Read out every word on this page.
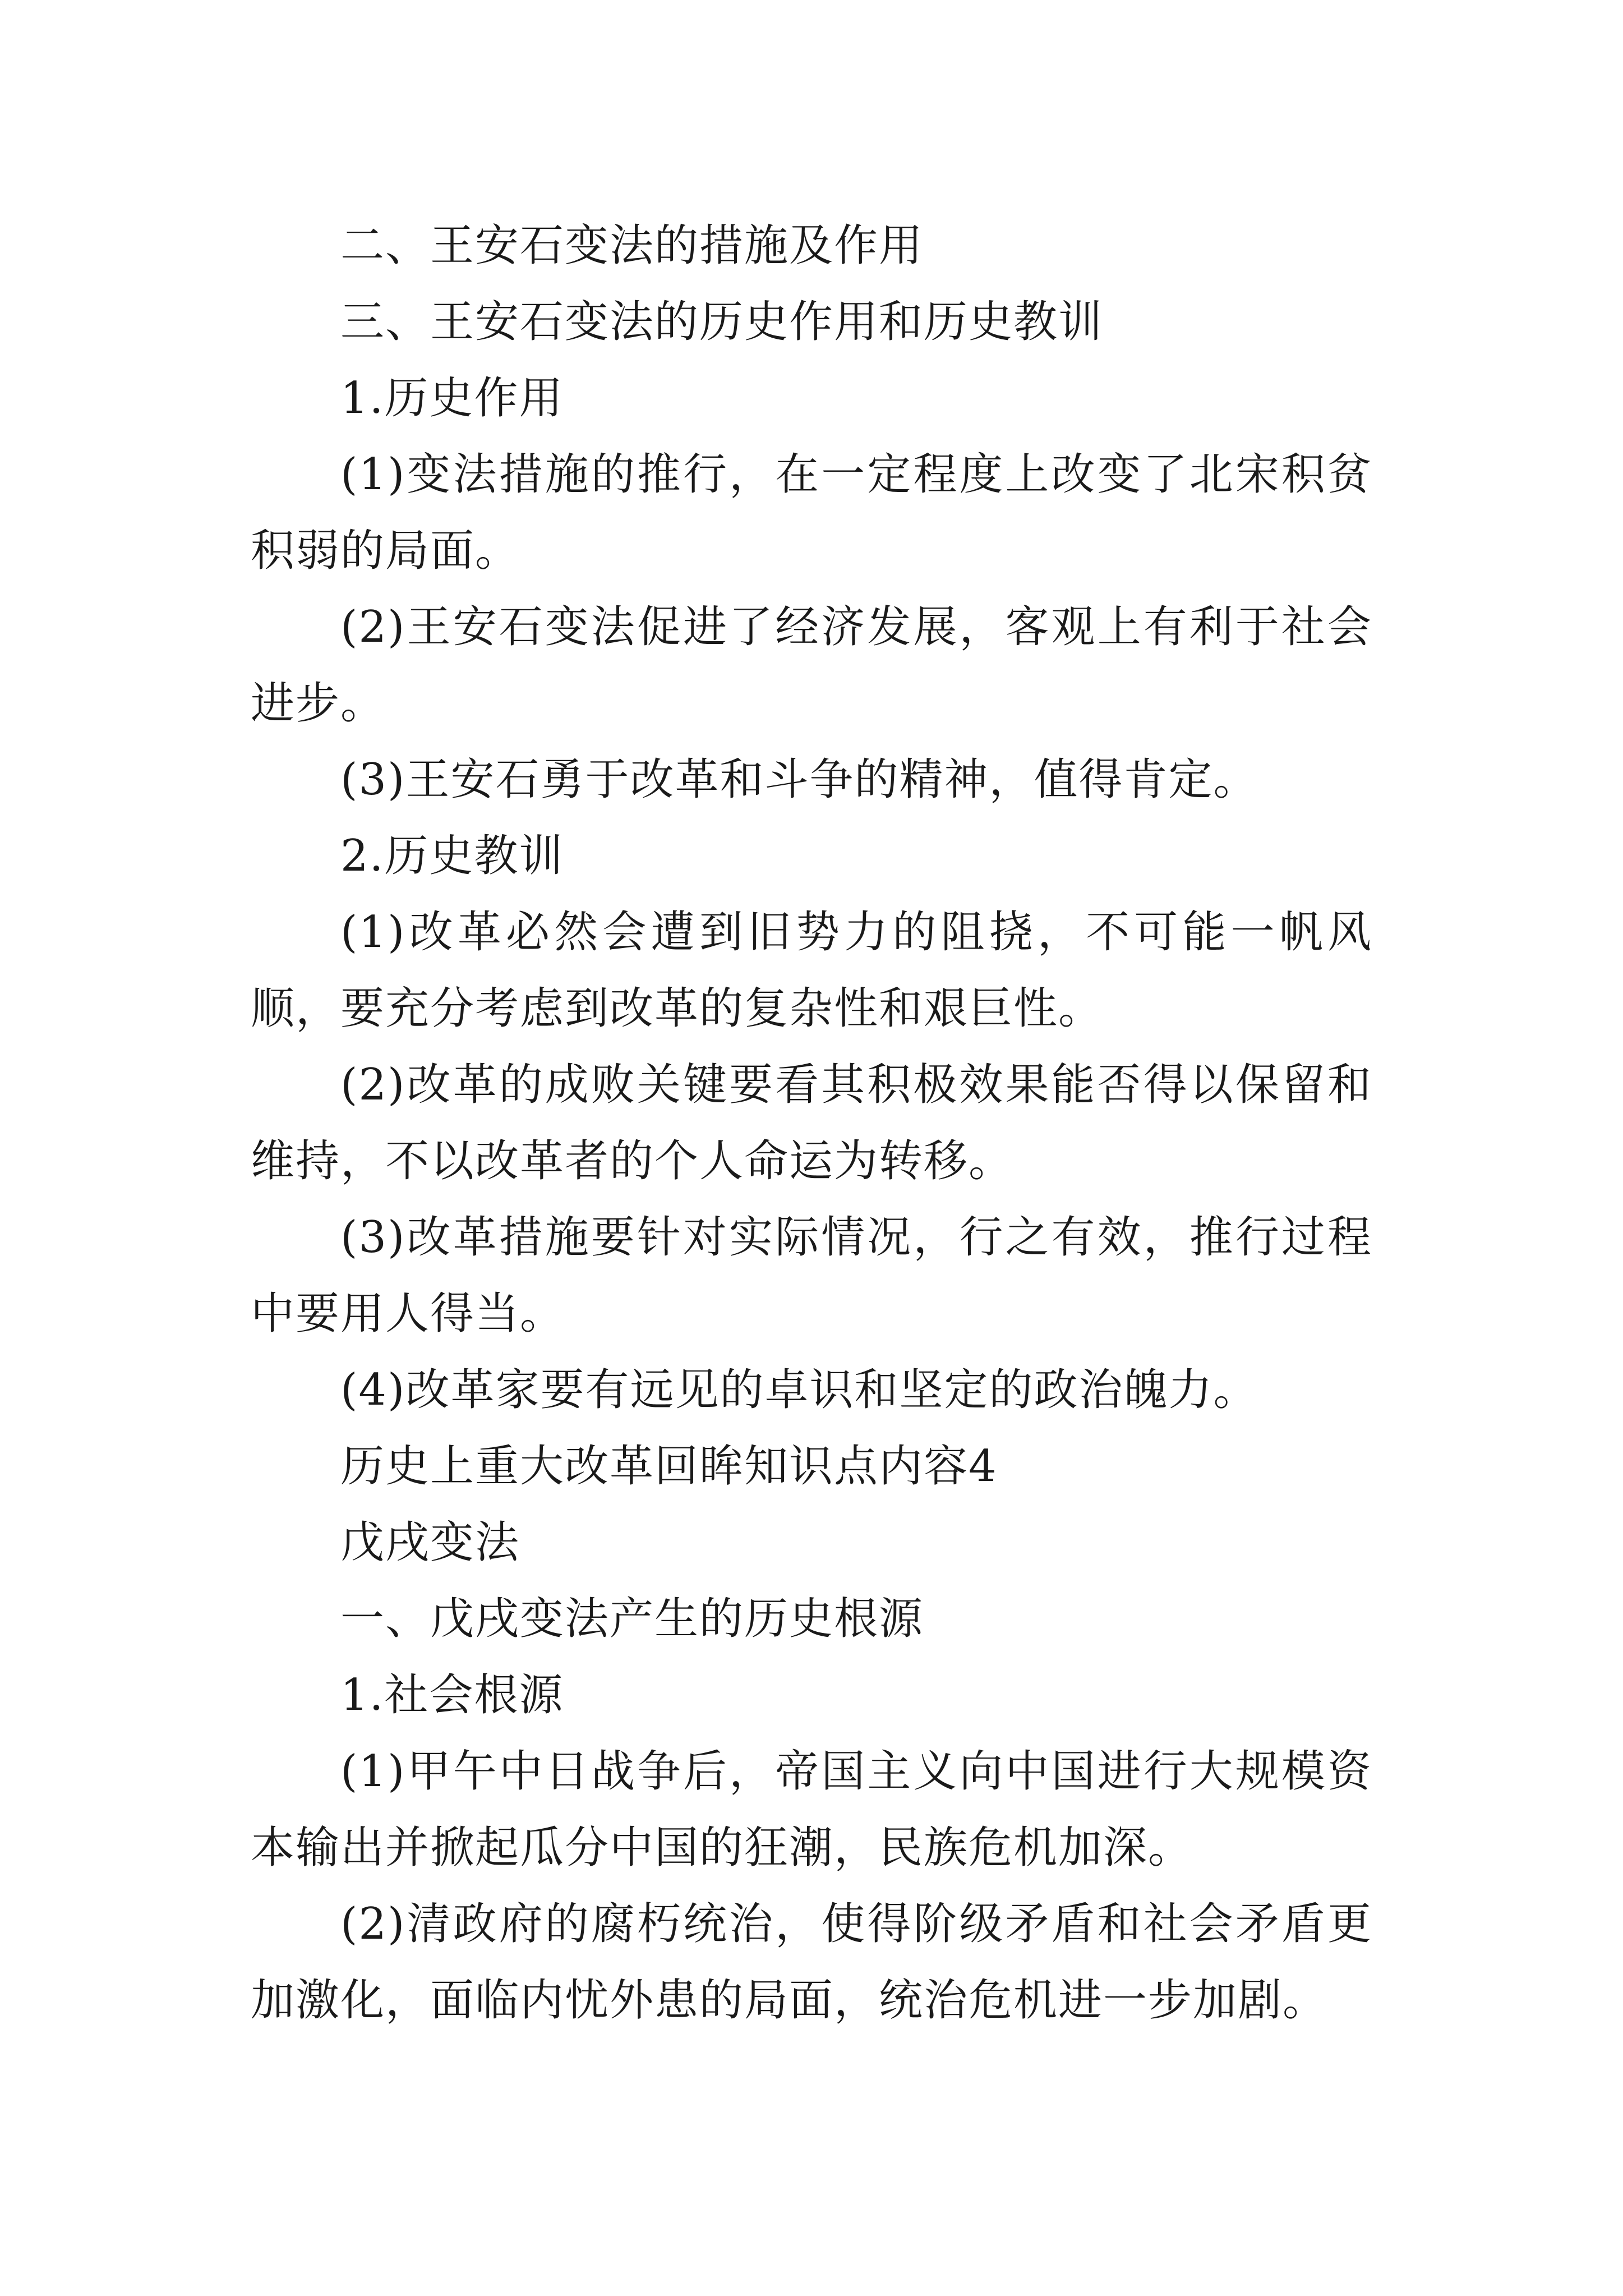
二、王安石变法的措施及作用

三、王安石变法的历史作用和历史教训

1.历史作用

(1)变法措施的推行，在一定程度上改变了北宋积贫积弱的局面。

(2)王安石变法促进了经济发展，客观上有利于社会进步。

(3)王安石勇于改革和斗争的精神，值得肯定。

2.历史教训

(1)改革必然会遭到旧势力的阻挠，不可能一帆风顺，要充分考虑到改革的复杂性和艰巨性。

(2)改革的成败关键要看其积极效果能否得以保留和维持，不以改革者的个人命运为转移。

(3)改革措施要针对实际情况，行之有效，推行过程中要用人得当。

(4)改革家要有远见的卓识和坚定的政治魄力。

历史上重大改革回眸知识点内容4

戊戌变法

一、戊戌变法产生的历史根源

1.社会根源

(1)甲午中日战争后，帝国主义向中国进行大规模资本输出并掀起瓜分中国的狂潮，民族危机加深。

(2)清政府的腐朽统治，使得阶级矛盾和社会矛盾更加激化，面临内忧外患的局面，统治危机进一步加剧。
